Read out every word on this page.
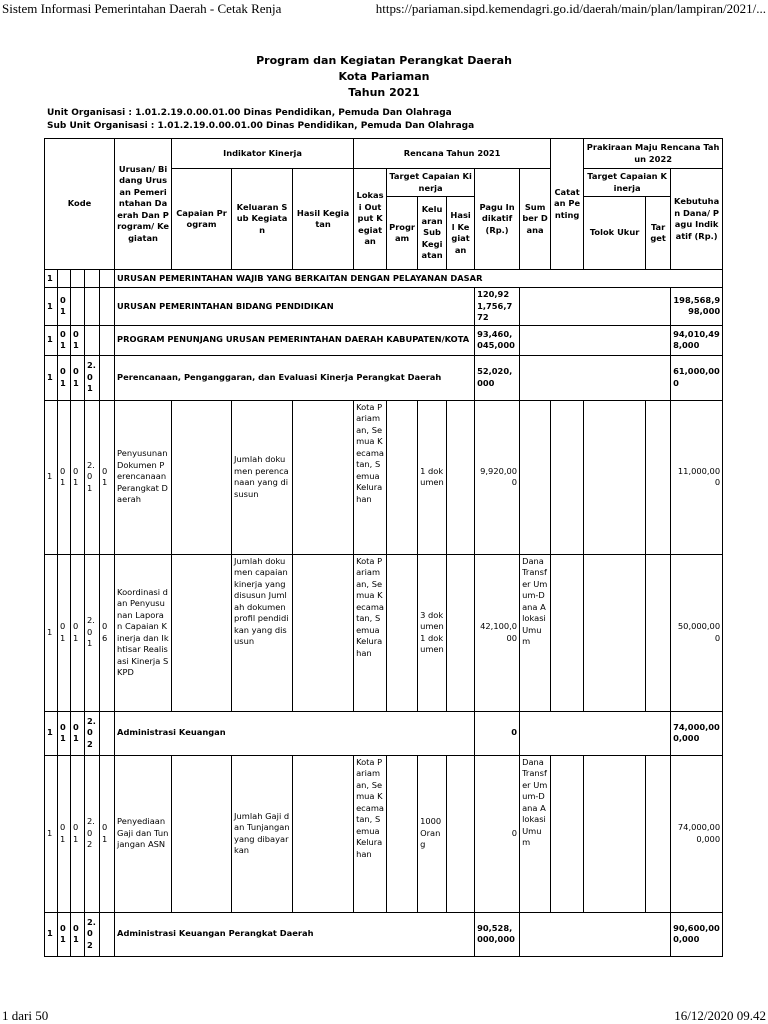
Sistem Informasi Pemerintahan Daerah - Cetak Renja	https://pariaman.sipd.kemendagri.go.id/daerah/main/plan/lampiran/2021/...
Program dan Kegiatan Perangkat Daerah
Kota Pariaman
Tahun 2021
Unit Organisasi : 1.01.2.19.0.00.01.00 Dinas Pendidikan, Pemuda Dan Olahraga
Sub Unit Organisasi : 1.01.2.19.0.00.01.00 Dinas Pendidikan, Pemuda Dan Olahraga
Kode					Urusan/ Bidang Urusan Pemerintahan Daerah Dan Program/ Kegiatan	Indikator Kinerja			Rencana Tahun 2021						Catatan Penting	Prakiraan Maju Rencana Tahun 2022		
						Capaian Program	Keluaran Sub Kegiatan	Hasil Kegiatan	Lokasi Output Kegiatan	Target Capaian Kinerja			Pagu Indikatif (Rp.)	Sumber Dana		Target Capaian Kinerja		Kebutuhan Dana/ Pagu Indikatif (Rp.)
										Program	Keluaran Sub Kegiatan	Hasil Kegiatan				Tolok Ukur	Target	
1					URUSAN PEMERINTAHAN WAJIB YANG BERKAITAN DENGAN PELAYANAN DASAR													
1	01				URUSAN PEMERINTAHAN BIDANG PENDIDIKAN								120,921,756,772					198,568,998,000
1	01	01			PROGRAM PENUNJANG URUSAN PEMERINTAHAN DAERAH KABUPATEN/KOTA								93,460,045,000					94,010,498,000
1	01	01	2.01		Perencanaan, Penganggaran, dan Evaluasi Kinerja Perangkat Daerah								52,020,000					61,000,000
1	01	01	2.01	01	Penyusunan Dokumen Perencanaan Perangkat Daerah		Jumlah dokumen perencanaan yang disusun		Kota Pariaman, Semua Kecamatan, Semua Kelurahan		1 dokumen		9,920,000					11,000,000
1	01	01	2.01	06	Koordinasi dan Penyusunan Laporan Capaian Kinerja dan Ikhtisar Realisasi Kinerja SKPD		Jumlah dokumen capaian kinerja yang disusun Jumlah dokumen profil pendidikan yang disusun		Kota Pariaman, Semua Kecamatan, Semua Kelurahan		3 dokumen 1 dokumen		42,100,000	Dana Transfer Umum-Dana Alokasi Umum				50,000,000
1	01	01	2.02		Administrasi Keuangan								0					74,000,000,000
1	01	01	2.02	01	Penyediaan Gaji dan Tunjangan ASN		Jumlah Gaji dan Tunjangan yang dibayarkan		Kota Pariaman, Semua Kecamatan, Semua Kelurahan		1000 Orang		0	Dana Transfer Umum-Dana Alokasi Umum				74,000,000,000
1	01	01	2.02		Administrasi Keuangan Perangkat Daerah								90,528,000,000					90,600,000,000
1 dari 50	16/12/2020 09.42
